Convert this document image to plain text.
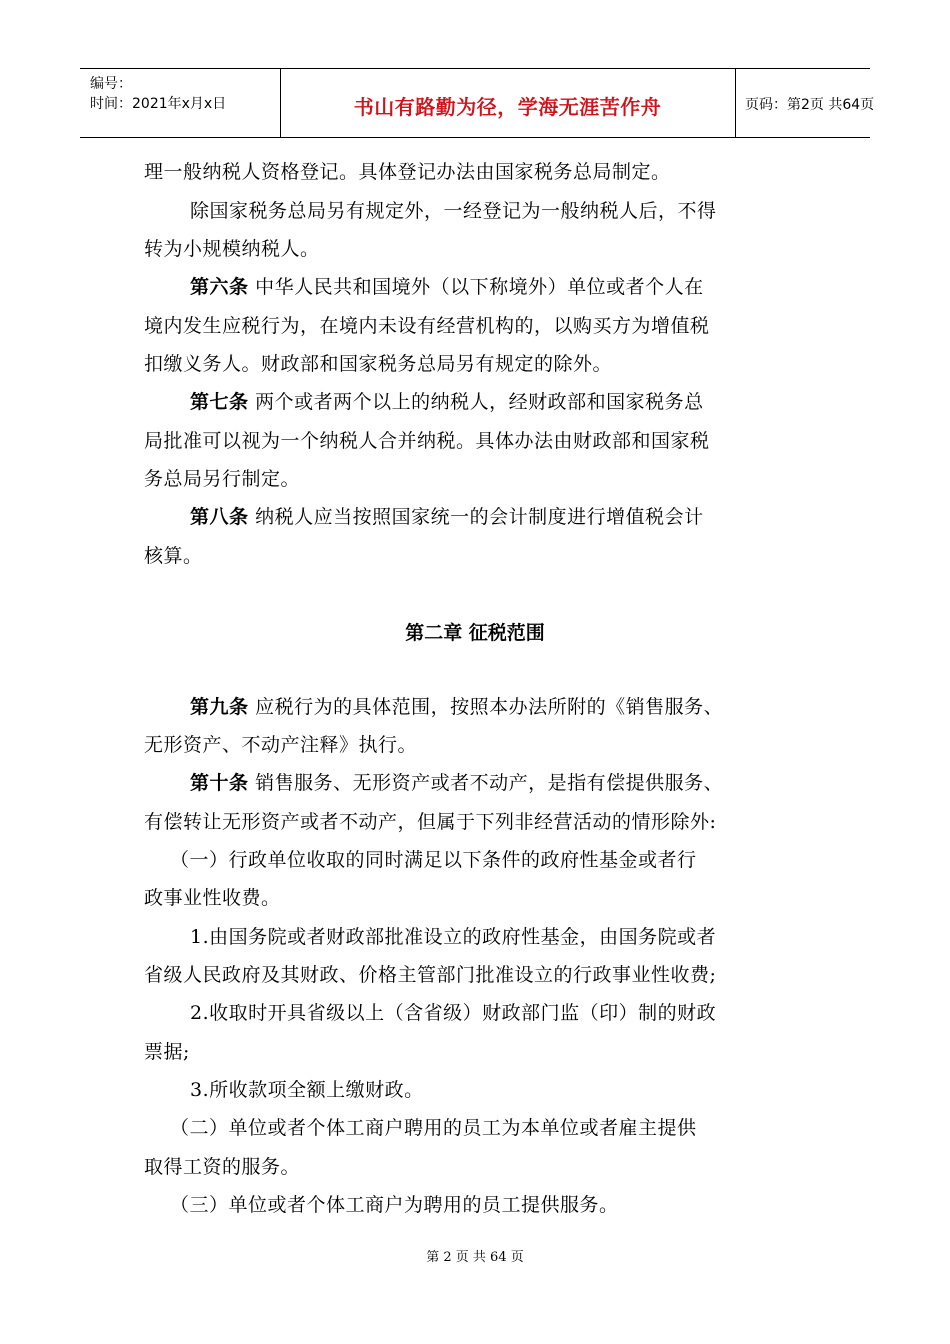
编号：
时间：2021年x月x日	书山有路勤为径，学海无涯苦作舟	页码：第2页 共64页
理一般纳税人资格登记。具体登记办法由国家税务总局制定。
除国家税务总局另有规定外，一经登记为一般纳税人后，不得
转为小规模纳税人。
第六条 中华人民共和国境外（以下称境外）单位或者个人在
境内发生应税行为，在境内未设有经营机构的，以购买方为增值税
扣缴义务人。财政部和国家税务总局另有规定的除外。
第七条 两个或者两个以上的纳税人，经财政部和国家税务总
局批准可以视为一个纳税人合并纳税。具体办法由财政部和国家税
务总局另行制定。
第八条 纳税人应当按照国家统一的会计制度进行增值税会计
核算。
第二章 征税范围
第九条 应税行为的具体范围，按照本办法所附的《销售服务、
无形资产、不动产注释》执行。
第十条 销售服务、无形资产或者不动产，是指有偿提供服务、
有偿转让无形资产或者不动产，但属于下列非经营活动的情形除外:
（一）行政单位收取的同时满足以下条件的政府性基金或者行
政事业性收费。
1.由国务院或者财政部批准设立的政府性基金，由国务院或者
省级人民政府及其财政、价格主管部门批准设立的行政事业性收费;
2.收取时开具省级以上（含省级）财政部门监（印）制的财政
票据;
3.所收款项全额上缴财政。
（二）单位或者个体工商户聘用的员工为本单位或者雇主提供
取得工资的服务。
（三）单位或者个体工商户为聘用的员工提供服务。
第 2 页 共 64 页
